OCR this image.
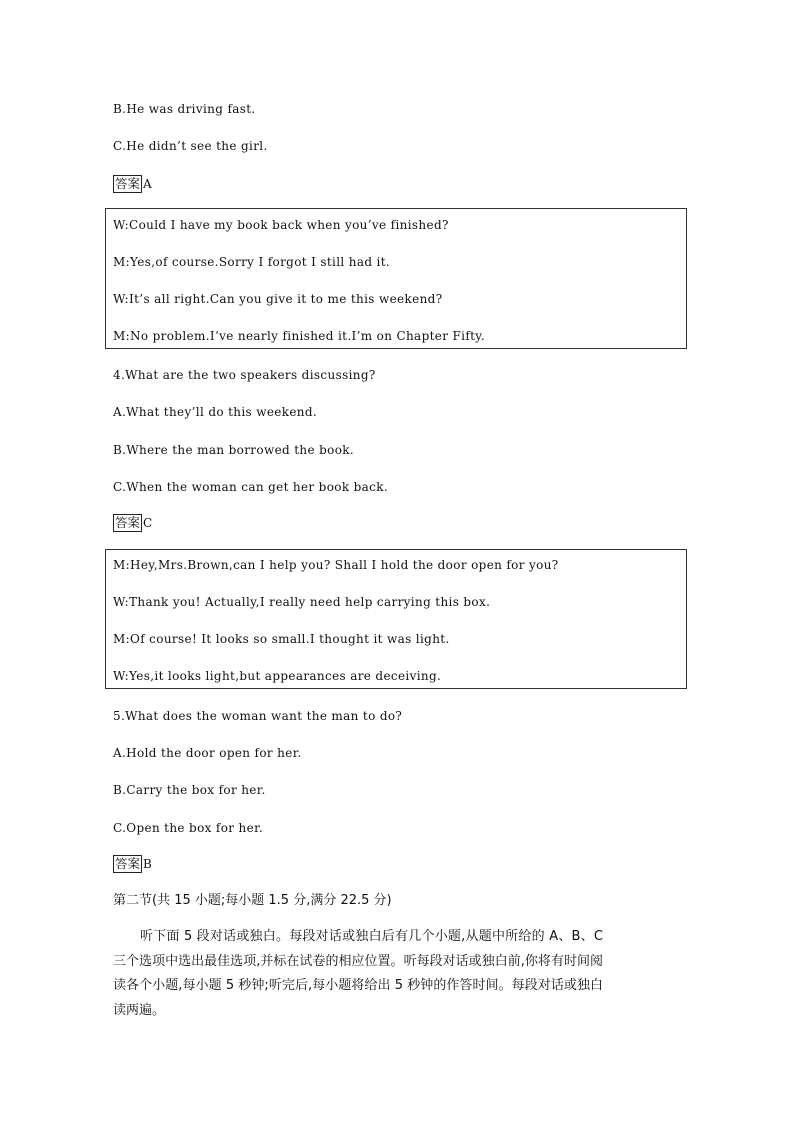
B.He was driving fast.
C.He didn’t see the girl.
答案 A
W:Could I have my book back when you’ve finished?
M:Yes,of course.Sorry I forgot I still had it.
W:It’s all right.Can you give it to me this weekend?
M:No problem.I’ve nearly finished it.I’m on Chapter Fifty.
4.What are the two speakers discussing?
A.What they’ll do this weekend.
B.Where the man borrowed the book.
C.When the woman can get her book back.
答案 C
M:Hey,Mrs.Brown,can I help you? Shall I hold the door open for you?
W:Thank you! Actually,I really need help carrying this box.
M:Of course! It looks so small.I thought it was light.
W:Yes,it looks light,but appearances are deceiving.
5.What does the woman want the man to do?
A.Hold the door open for her.
B.Carry the box for her.
C.Open the box for her.
答案 B
第二节(共 15 小题;每小题 1.5 分,满分 22.5 分)
听下面 5 段对话或独白。每段对话或独白后有几个小题,从题中所给的 A、B、C 三个选项中选出最佳选项,并标在试卷的相应位置。听每段对话或独白前,你将有时间阅读各个小题,每小题 5 秒钟;听完后,每小题将给出 5 秒钟的作答时间。每段对话或独白读两遍。
